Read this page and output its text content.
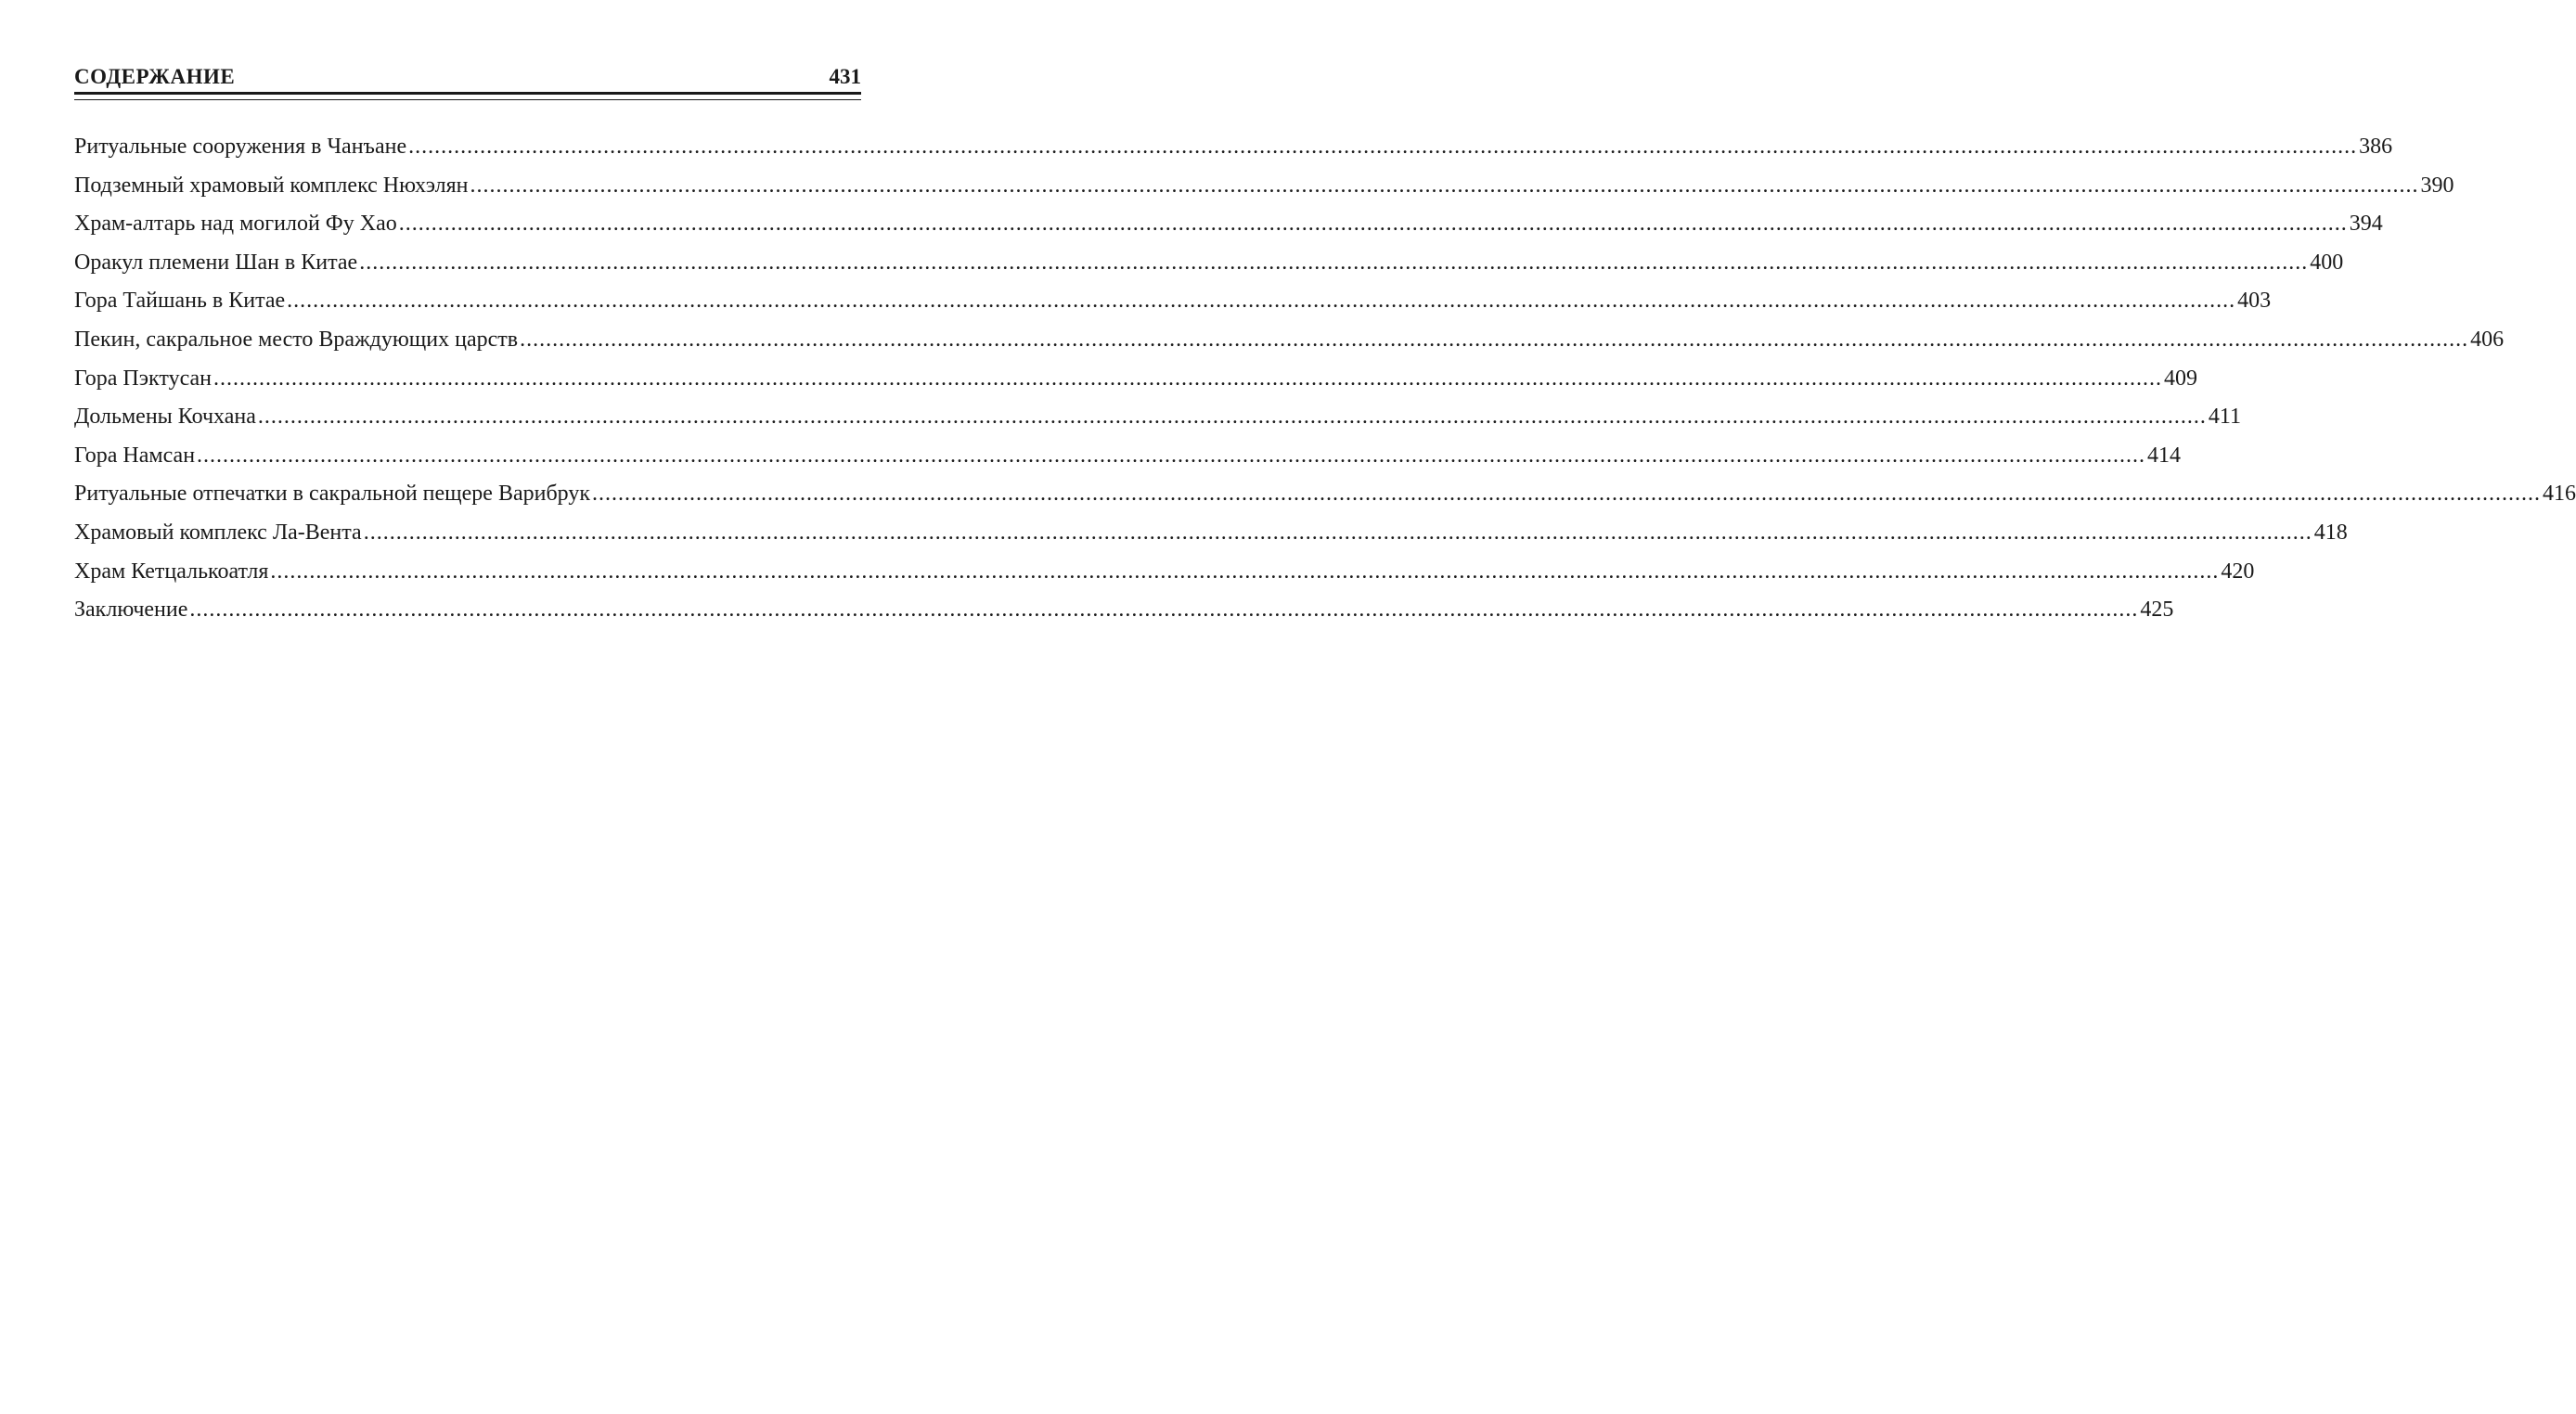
СОДЕРЖАНИЕ	431
Ритуальные сооружения в Чанъане ............................................................................................................................................................................................................................................................................................................ 386
Подземный храмовый комплекс Нюхэлян ............................................................................................................................................................................................................................................................................................................ 390
Храм-алтарь над могилой Фу Хао ............................................................................................................................................................................................................................................................................................................ 394
Оракул племени Шан в Китае ............................................................................................................................................................................................................................................................................................................ 400
Гора Тайшань в Китае ............................................................................................................................................................................................................................................................................................................ 403
Пекин, сакральное место Враждующих царств ............................................................................................................................................................................................................................................................................................................ 406
Гора Пэктусан ............................................................................................................................................................................................................................................................................................................ 409
Дольмены Кочхана ............................................................................................................................................................................................................................................................................................................ 411
Гора Намсан ............................................................................................................................................................................................................................................................................................................ 414
Ритуальные отпечатки в сакральной пещере Варибрук ............................................................................................................................................................................................................................................................................................................ 416
Храмовый комплекс Ла-Вента ............................................................................................................................................................................................................................................................................................................ 418
Храм Кетцалькоатля ............................................................................................................................................................................................................................................................................................................ 420
Заключение ............................................................................................................................................................................................................................................................................................................ 425
